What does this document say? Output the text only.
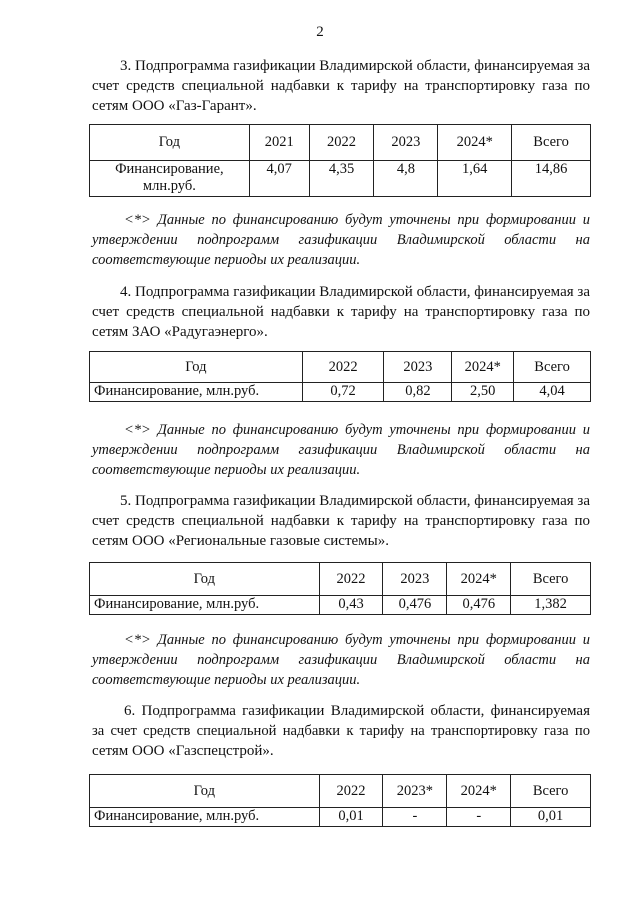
2
3. Подпрограмма газификации Владимирской области, финансируемая за
счет средств специальной надбавки к тарифу на транспортировку газа по
сетям ООО «Газ-Гарант».
Год	2021	2022	2023	2024*	Всего
Финансирование, млн.руб.	4,07	4,35	4,8	1,64	14,86
<*> Данные по финансированию будут уточнены при формировании и
утверждении подпрограмм газификации Владимирской области на
соответствующие периоды их реализации.
4. Подпрограмма газификации Владимирской области, финансируемая за
счет средств специальной надбавки к тарифу на транспортировку газа по
сетям ЗАО «Радугаэнерго».
Год	2022	2023	2024*	Всего
Финансирование, млн.руб.	0,72	0,82	2,50	4,04
<*> Данные по финансированию будут уточнены при формировании и
утверждении подпрограмм газификации Владимирской области на
соответствующие периоды их реализации.
5. Подпрограмма газификации Владимирской области, финансируемая за
счет средств специальной надбавки к тарифу на транспортировку газа по
сетям ООО «Региональные газовые системы».
Год	2022	2023	2024*	Всего
Финансирование, млн.руб.	0,43	0,476	0,476	1,382
<*> Данные по финансированию будут уточнены при формировании и
утверждении подпрограмм газификации Владимирской области на
соответствующие периоды их реализации.
6. Подпрограмма газификации Владимирской области, финансируемая
за счет средств специальной надбавки к тарифу на транспортировку газа по
сетям ООО «Газспецстрой».
Год	2022	2023*	2024*	Всего
Финансирование, млн.руб.	0,01	-	-	0,01
